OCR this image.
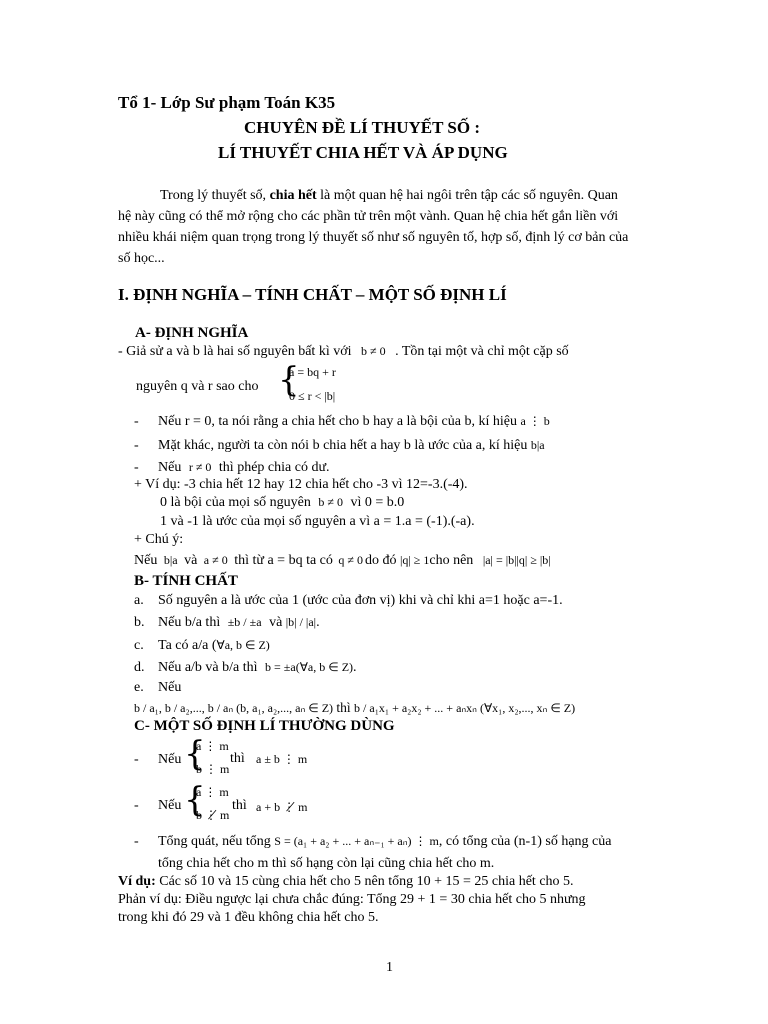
Tổ 1- Lớp Sư phạm Toán K35
CHUYÊN ĐỀ LÍ THUYẾT SỐ :
LÍ THUYẾT CHIA HẾT VÀ ÁP DỤNG
Trong lý thuyết số, chia hết là một quan hệ hai ngôi trên tập các số nguyên. Quan
hệ này cũng có thể mở rộng cho các phần tử trên một vành. Quan hệ chia hết gắn liền với
nhiều khái niệm quan trọng trong lý thuyết số như số nguyên tố, hợp số, định lý cơ bản của
số học...
I. ĐỊNH NGHĨA – TÍNH CHẤT – MỘT SỐ ĐỊNH LÍ
A- ĐỊNH NGHĨA
- Giả sử a và b là hai số nguyên bất kì với b ≠ 0 . Tồn tại một và chỉ một cặp số
nguyên q và r sao cho {
a = bq + r
0 ≤ r < |b|
- Nếu r = 0, ta nói rằng a chia hết cho b hay a là bội của b, kí hiệu a ⋮ b
- Mặt khác, người ta còn nói b chia hết a hay b là ước của a, kí hiệu b|a
- Nếu r ≠ 0 thì phép chia có dư.
+ Ví dụ: -3 chia hết 12 hay 12 chia hết cho -3 vì 12=-3.(-4).
0 là bội của mọi số nguyên b ≠ 0 vì 0 = b.0
1 và -1 là ước của mọi số nguyên a vì a = 1.a = (-1).(-a).
+ Chú ý:
Nếu b|a và a ≠ 0 thì từ a = bq ta có q ≠ 0 do đó |q| ≥ 1cho nên |a| = |b||q| ≥ |b|
B- TÍNH CHẤT
a. Số nguyên a là ước của 1 (ước của đơn vị) khi và chỉ khi a=1 hoặc a=-1.
b. Nếu b/a thì ±b / ±a và |b| / |a|.
c. Ta có a/a (∀a, b ∈ Z)
d. Nếu a/b và b/a thì b = ±a(∀a, b ∈ Z).
e. Nếu
b / a₁, b / a₂,..., b / aₙ (b, a₁, a₂,..., aₙ ∈ Z) thì b / a₁x₁ + a₂x₂ + ... + aₙxₙ (∀x₁, x₂,..., xₙ ∈ Z)
C- MỘT SỐ ĐỊNH LÍ THƯỜNG DÙNG
- Nếu {
a ⋮ m
b ⋮ m
thì a ± b ⋮ m
- Nếu {
a ⋮ m
b ⋮̸ m
thì a + b ⋮̸ m
- Tổng quát, nếu tổng S = (a₁ + a₂ + ... + aₙ₋₁ + aₙ) ⋮ m, có tổng của (n-1) số hạng của
tổng chia hết cho m thì số hạng còn lại cũng chia hết cho m.
Ví dụ: Các số 10 và 15 cùng chia hết cho 5 nên tổng 10 + 15 = 25 chia hết cho 5.
Phản ví dụ: Điều ngược lại chưa chắc đúng: Tổng 29 + 1 = 30 chia hết cho 5 nhưng
trong khi đó 29 và 1 đều không chia hết cho 5.
1
